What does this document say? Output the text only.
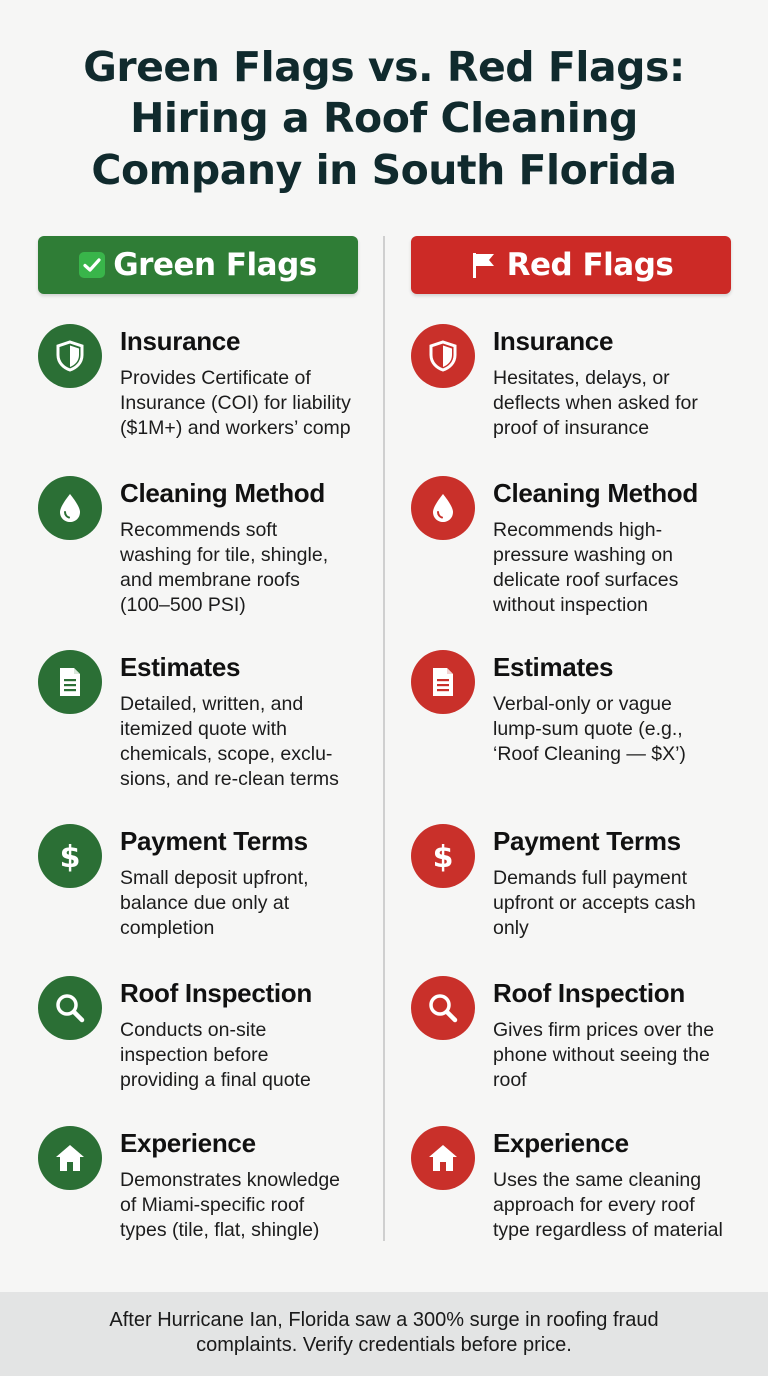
Green Flags vs. Red Flags:
Hiring a Roof Cleaning
Company in South Florida
Green Flags
Insurance
Provides Certificate of
Insurance (COI) for liability
($1M+) and workers’ comp
Cleaning Method
Recommends soft
washing for tile, shingle,
and membrane roofs
(100–500 PSI)
Estimates
Detailed, written, and
itemized quote with
chemicals, scope, exclu-
sions, and re-clean terms
$ Payment Terms
Small deposit upfront,
balance due only at
completion
Roof Inspection
Conducts on-site
inspection before
providing a final quote
Experience
Demonstrates knowledge
of Miami-specific roof
types (tile, flat, shingle)
Red Flags
Insurance
Hesitates, delays, or
deflects when asked for
proof of insurance
Cleaning Method
Recommends high-
pressure washing on
delicate roof surfaces
without inspection
Estimates
Verbal-only or vague
lump-sum quote (e.g.,
‘Roof Cleaning — $X’)
$ Payment Terms
Demands full payment
upfront or accepts cash
only
Roof Inspection
Gives firm prices over the
phone without seeing the
roof
Experience
Uses the same cleaning
approach for every roof
type regardless of material
After Hurricane Ian, Florida saw a 300% surge in roofing fraud
complaints. Verify credentials before price.
